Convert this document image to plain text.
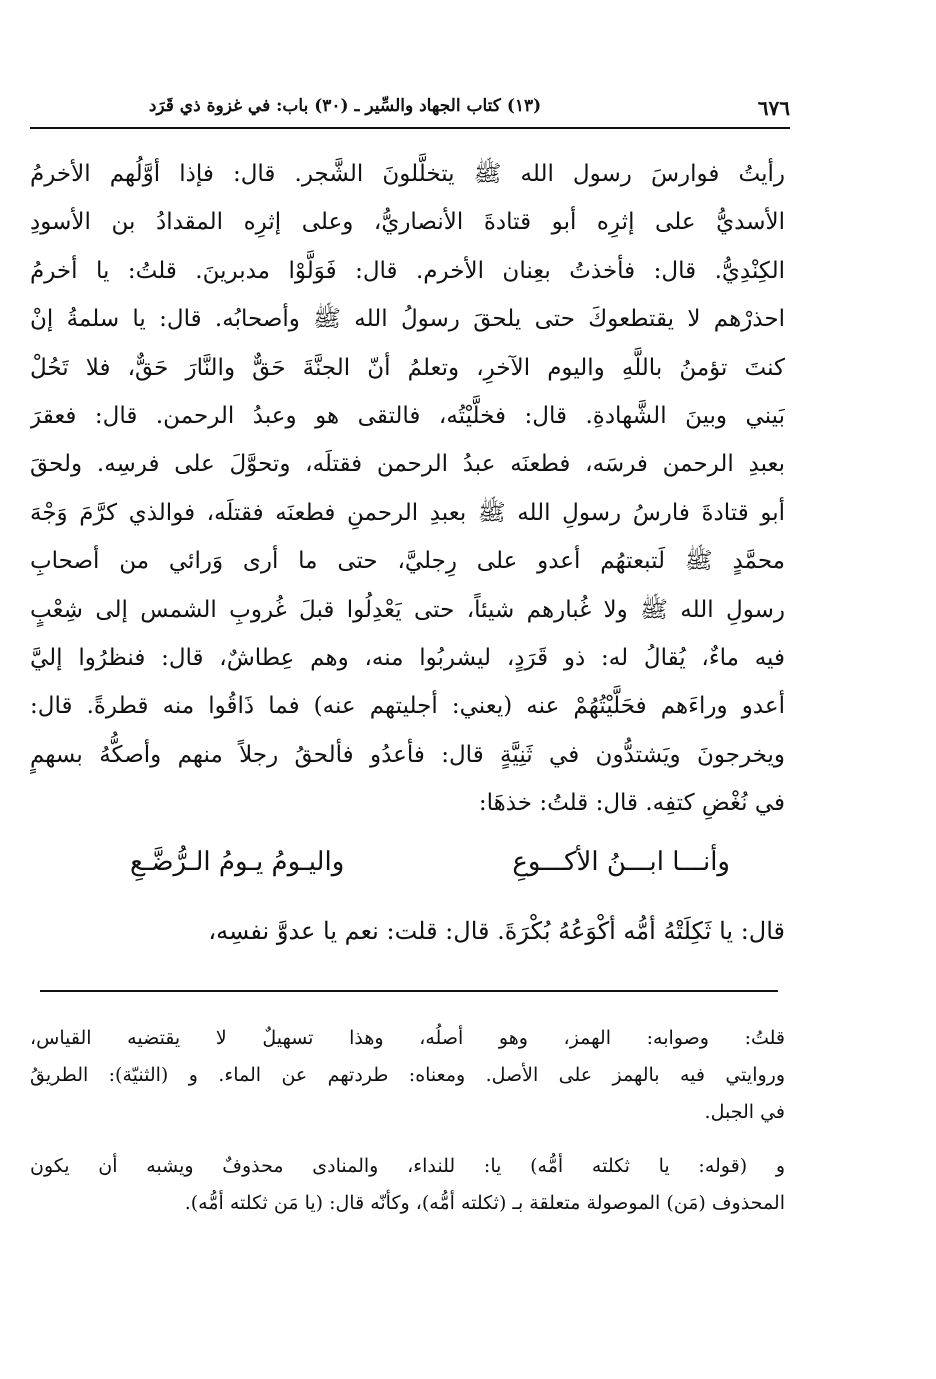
٦٧٦
(١٣) كتاب الجهاد والسِّير ـ (٣٠) باب: في غزوة ذي قَرَد
رأيتُ فوارسَ رسول الله ﷺ يتخلَّلونَ الشَّجر. قال: فإذا أوَّلُهم الأخرمُ
الأسديُّ على إثرِه أبو قتادةَ الأنصاريُّ، وعلى إثرِه المقدادُ بن الأسودِ
الكِنْدِيُّ. قال: فأخذتُ بعِنان الأخرم. قال: فَوَلَّوْا مدبرينَ. قلتُ: يا أخرمُ
احذرْهم لا يقتطعوكَ حتى يلحقَ رسولُ الله ﷺ وأصحابُه. قال: يا سلمةُ إنْ
كنتَ تؤمنُ باللَّهِ واليوم الآخرِ، وتعلمُ أنّ الجنَّةَ حَقٌّ والنَّارَ حَقٌّ، فلا تَحُلْ
بَيني وبينَ الشَّهادةِ. قال: فخلَّيْتُه، فالتقى هو وعبدُ الرحمن. قال: فعقرَ
بعبدِ الرحمن فرسَه، فطعنَه عبدُ الرحمن فقتلَه، وتحوَّلَ على فرسِه. ولحقَ
أبو قتادةَ فارسُ رسولِ الله ﷺ بعبدِ الرحمنِ فطعنَه فقتلَه، فوالذي كرَّمَ وَجْهَ
محمَّدٍ ﷺ لَتبعتهُم أعدو على رِجليَّ، حتى ما أرى وَرائي من أصحابِ
رسولِ الله ﷺ ولا غُبارهم شيئاً، حتى يَعْدِلُوا قبلَ غُروبِ الشمس إلى شِعْبٍ
فيه ماءٌ، يُقالُ له: ذو قَرَدٍ، ليشربُوا منه، وهم عِطاشٌ، قال: فنظرُوا إليَّ
أعدو وراءَهم فحَلَّيْتُهُمْ عنه (يعني: أجليتهم عنه) فما ذَاقُوا منه قطرةً. قال:
ويخرجونَ ويَشتدُّون في ثَنِيَّةٍ قال: فأعدُو فألحقُ رجلاً منهم وأصكُّهُ بسهمٍ
في نُغْضِ كتفِه. قال: قلتُ: خذهَا:
وأنـــا ابـــنُ الأكـــوعِ
واليـومُ يـومُ الـرُّضَّـعِ
قال: يا ثَكِلَتْهُ أمُّه أكْوَعُهُ بُكْرَةَ. قال: قلت: نعم يا عدوَّ نفسِه،
قلتُ: وصوابه: الهمز، وهو أصلُه، وهذا تسهيلٌ لا يقتضيه القياس،
وروايتي فيه بالهمز على الأصل. ومعناه: طردتهم عن الماء. و (الثنيّة): الطريقُ
في الجبل.
و (قوله: يا ثكلته أمُّه) يا: للنداء، والمنادى محذوفٌ ويشبه أن يكون
المحذوف (مَن) الموصولة متعلقة بـ (ثكلته أمُّه)، وكأنّه قال: (يا مَن ثكلته أمُّه).
